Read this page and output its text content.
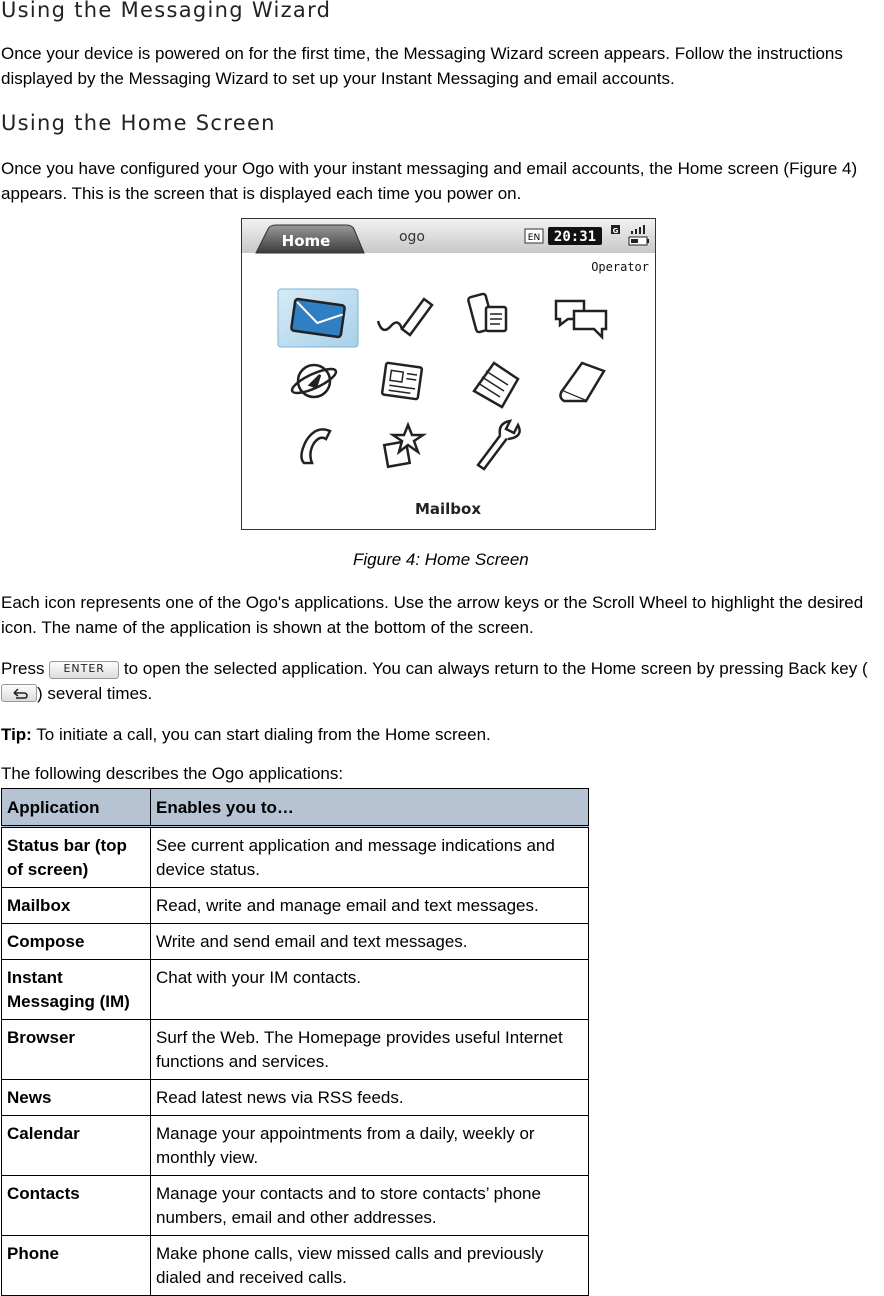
Using the Messaging Wizard

Once your device is powered on for the first time, the Messaging Wizard screen appears. Follow the instructions displayed by the Messaging Wizard to set up your Instant Messaging and email accounts.

Using the Home Screen

Once you have configured your Ogo with your instant messaging and email accounts, the Home screen (Figure 4) appears. This is the screen that is displayed each time you power on.

Home	ogo	EN 20:31 G
Operator
Mailbox
Figure 4: Home Screen

Each icon represents one of the Ogo's applications. Use the arrow keys or the Scroll Wheel to highlight the desired icon. The name of the application is shown at the bottom of the screen.

Press ENTER to open the selected application. You can always return to the Home screen by pressing Back key () several times.

Tip: To initiate a call, you can start dialing from the Home screen.

The following describes the Ogo applications:

Application	Enables you to…
Status bar (top of screen)	See current application and message indications and device status.
Mailbox	Read, write and manage email and text messages.
Compose	Write and send email and text messages.
Instant Messaging (IM)	Chat with your IM contacts.
Browser	Surf the Web. The Homepage provides useful Internet functions and services.
News	Read latest news via RSS feeds.
Calendar	Manage your appointments from a daily, weekly or monthly view.
Contacts	Manage your contacts and to store contacts’ phone numbers, email and other addresses.
Phone	Make phone calls, view missed calls and previously dialed and received calls.
